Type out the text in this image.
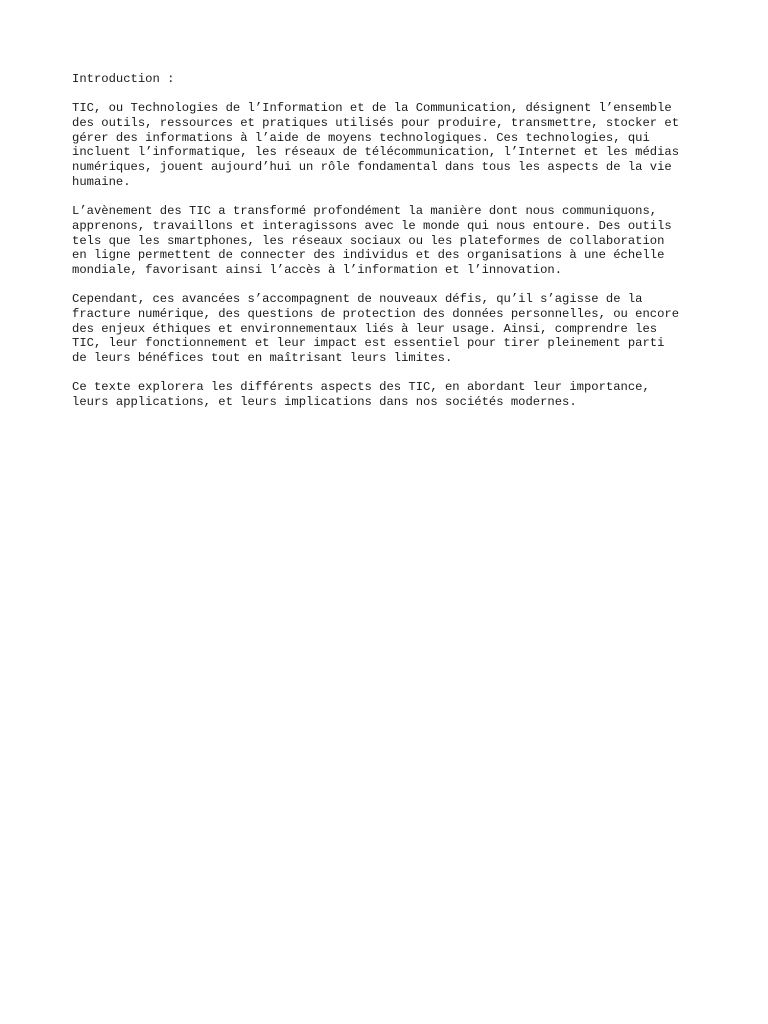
Introduction :
TIC, ou Technologies de l’Information et de la Communication, désignent l’ensemble
des outils, ressources et pratiques utilisés pour produire, transmettre, stocker et
gérer des informations à l’aide de moyens technologiques. Ces technologies, qui
incluent l’informatique, les réseaux de télécommunication, l’Internet et les médias
numériques, jouent aujourd’hui un rôle fondamental dans tous les aspects de la vie
humaine.
L’avènement des TIC a transformé profondément la manière dont nous communiquons,
apprenons, travaillons et interagissons avec le monde qui nous entoure. Des outils
tels que les smartphones, les réseaux sociaux ou les plateformes de collaboration
en ligne permettent de connecter des individus et des organisations à une échelle
mondiale, favorisant ainsi l’accès à l’information et l’innovation.
Cependant, ces avancées s’accompagnent de nouveaux défis, qu’il s’agisse de la
fracture numérique, des questions de protection des données personnelles, ou encore
des enjeux éthiques et environnementaux liés à leur usage. Ainsi, comprendre les
TIC, leur fonctionnement et leur impact est essentiel pour tirer pleinement parti
de leurs bénéfices tout en maîtrisant leurs limites.
Ce texte explorera les différents aspects des TIC, en abordant leur importance,
leurs applications, et leurs implications dans nos sociétés modernes.
